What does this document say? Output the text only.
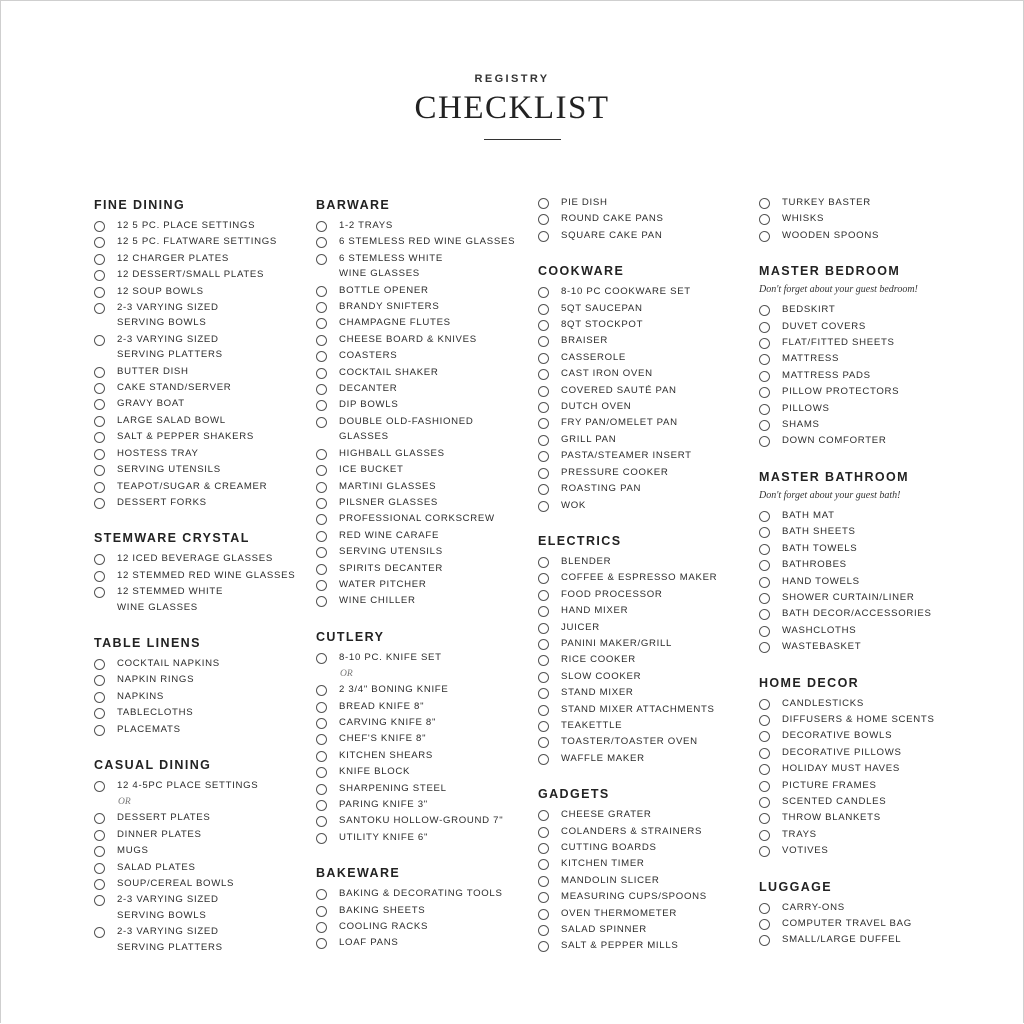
REGISTRY
CHECKLIST
FINE DINING
12 5 PC. PLACE SETTINGS
12 5 PC. FLATWARE SETTINGS
12 CHARGER PLATES
12 DESSERT/SMALL PLATES
12 SOUP BOWLS
2-3 VARYING SIZED
SERVING BOWLS
2-3 VARYING SIZED
SERVING PLATTERS
BUTTER DISH
CAKE STAND/SERVER
GRAVY BOAT
LARGE SALAD BOWL
SALT & PEPPER SHAKERS
HOSTESS TRAY
SERVING UTENSILS
TEAPOT/SUGAR & CREAMER
DESSERT FORKS
STEMWARE CRYSTAL
12 ICED BEVERAGE GLASSES
12 STEMMED RED WINE GLASSES
12 STEMMED WHITE
WINE GLASSES
TABLE LINENS
COCKTAIL NAPKINS
NAPKIN RINGS
NAPKINS
TABLECLOTHS
PLACEMATS
CASUAL DINING
12 4-5PC PLACE SETTINGS
OR
DESSERT PLATES
DINNER PLATES
MUGS
SALAD PLATES
SOUP/CEREAL BOWLS
2-3 VARYING SIZED
SERVING BOWLS
2-3 VARYING SIZED
SERVING PLATTERS
BARWARE
1-2 TRAYS
6 STEMLESS RED WINE GLASSES
6 STEMLESS WHITE
WINE GLASSES
BOTTLE OPENER
BRANDY SNIFTERS
CHAMPAGNE FLUTES
CHEESE BOARD & KNIVES
COASTERS
COCKTAIL SHAKER
DECANTER
DIP BOWLS
DOUBLE OLD-FASHIONED
GLASSES
HIGHBALL GLASSES
ICE BUCKET
MARTINI GLASSES
PILSNER GLASSES
PROFESSIONAL CORKSCREW
RED WINE CARAFE
SERVING UTENSILS
SPIRITS DECANTER
WATER PITCHER
WINE CHILLER
CUTLERY
8-10 PC. KNIFE SET
OR
2 3/4" BONING KNIFE
BREAD KNIFE 8"
CARVING KNIFE 8"
CHEF'S KNIFE 8"
KITCHEN SHEARS
KNIFE BLOCK
SHARPENING STEEL
PARING KNIFE 3"
SANTOKU HOLLOW-GROUND 7"
UTILITY KNIFE 6"
BAKEWARE
BAKING & DECORATING TOOLS
BAKING SHEETS
COOLING RACKS
LOAF PANS
PIE DISH
ROUND CAKE PANS
SQUARE CAKE PAN
COOKWARE
8-10 PC COOKWARE SET
5QT SAUCEPAN
8QT STOCKPOT
BRAISER
CASSEROLE
CAST IRON OVEN
COVERED SAUTÉ PAN
DUTCH OVEN
FRY PAN/OMELET PAN
GRILL PAN
PASTA/STEAMER INSERT
PRESSURE COOKER
ROASTING PAN
WOK
ELECTRICS
BLENDER
COFFEE & ESPRESSO MAKER
FOOD PROCESSOR
HAND MIXER
JUICER
PANINI MAKER/GRILL
RICE COOKER
SLOW COOKER
STAND MIXER
STAND MIXER ATTACHMENTS
TEAKETTLE
TOASTER/TOASTER OVEN
WAFFLE MAKER
GADGETS
CHEESE GRATER
COLANDERS & STRAINERS
CUTTING BOARDS
KITCHEN TIMER
MANDOLIN SLICER
MEASURING CUPS/SPOONS
OVEN THERMOMETER
SALAD SPINNER
SALT & PEPPER MILLS
TURKEY BASTER
WHISKS
WOODEN SPOONS
MASTER BEDROOM
Don't forget about your guest bedroom!
BEDSKIRT
DUVET COVERS
FLAT/FITTED SHEETS
MATTRESS
MATTRESS PADS
PILLOW PROTECTORS
PILLOWS
SHAMS
DOWN COMFORTER
MASTER BATHROOM
Don't forget about your guest bath!
BATH MAT
BATH SHEETS
BATH TOWELS
BATHROBES
HAND TOWELS
SHOWER CURTAIN/LINER
BATH DECOR/ACCESSORIES
WASHCLOTHS
WASTEBASKET
HOME DECOR
CANDLESTICKS
DIFFUSERS & HOME SCENTS
DECORATIVE BOWLS
DECORATIVE PILLOWS
HOLIDAY MUST HAVES
PICTURE FRAMES
SCENTED CANDLES
THROW BLANKETS
TRAYS
VOTIVES
LUGGAGE
CARRY-ONS
COMPUTER TRAVEL BAG
SMALL/LARGE DUFFEL
